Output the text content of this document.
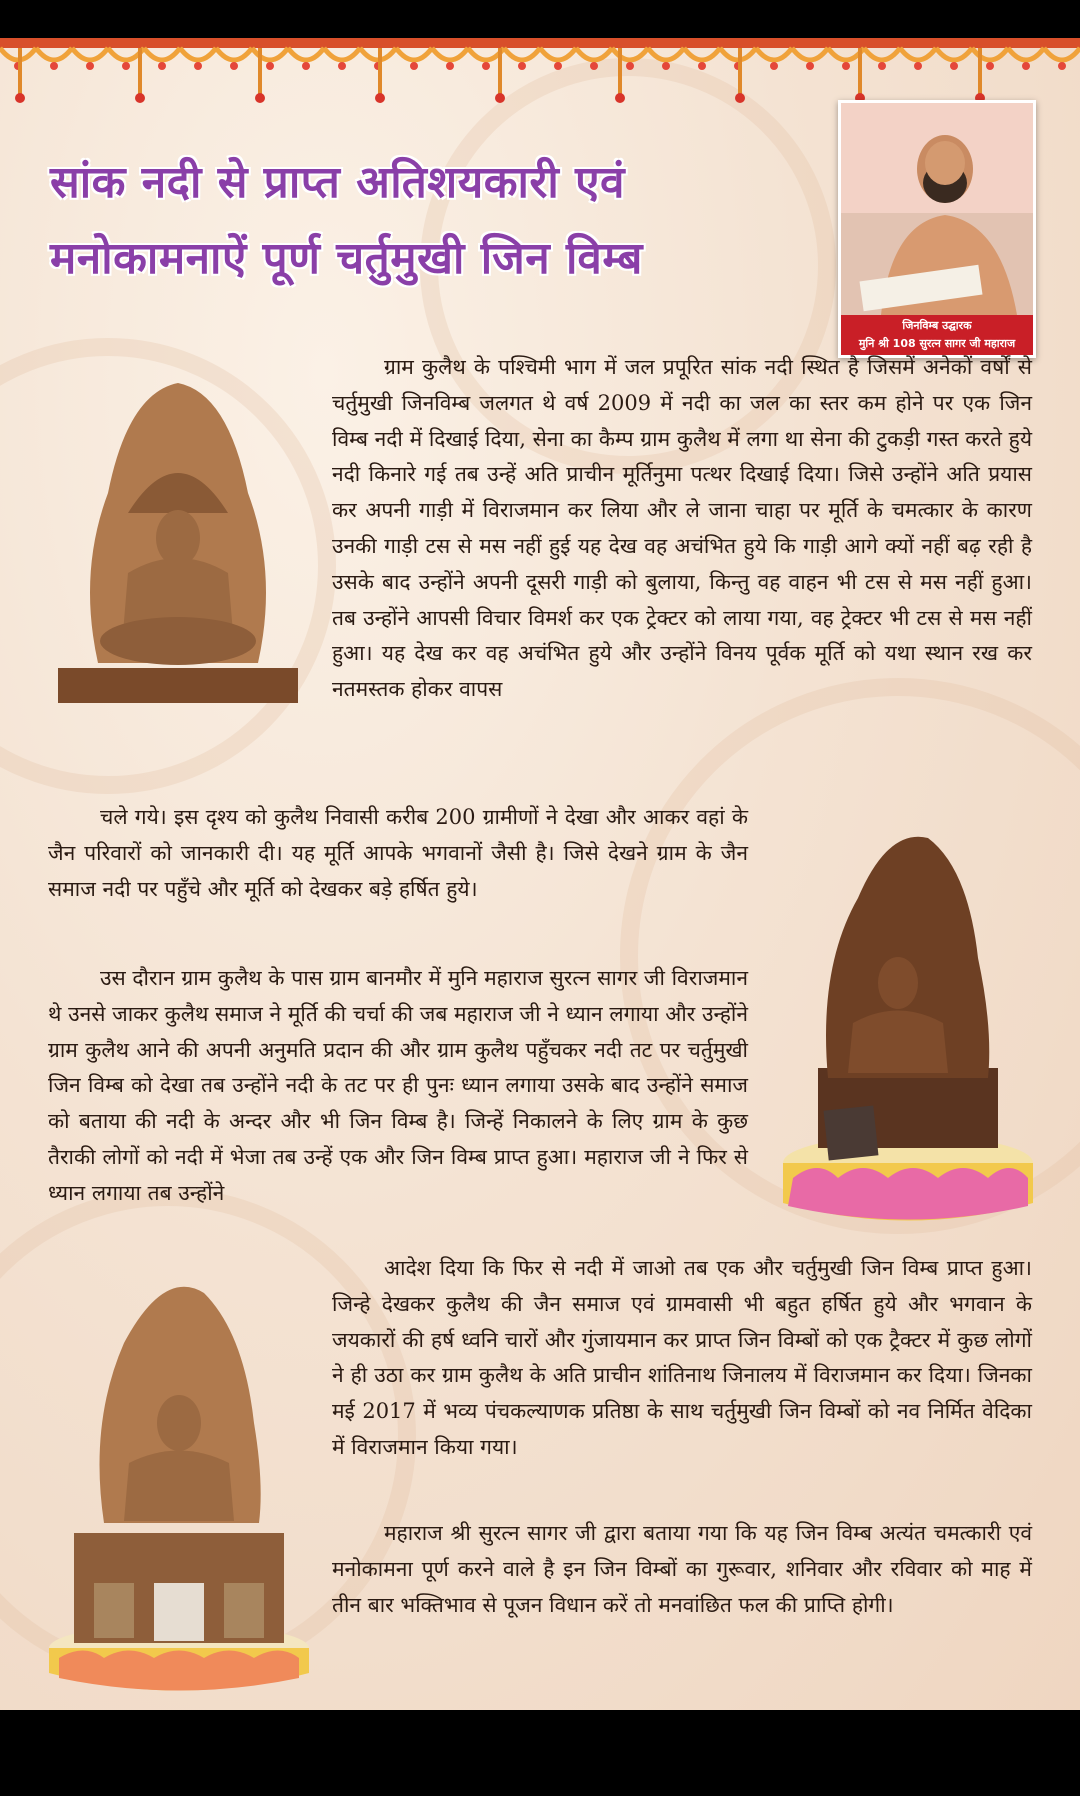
सांक नदी से प्राप्त अतिशयकारी एवं
मनोकामनाऐं पूर्ण चर्तुमुखी जिन विम्ब
जिनविम्ब उद्घारक
मुनि श्री 108 सुरत्न सागर जी महाराज

ग्राम कुलैथ के पश्चिमी भाग में जल प्रपूरित सांक नदी स्थित है जिसमें अनेकों वर्षों से चर्तुमुखी जिनविम्ब जलगत थे वर्ष 2009 में नदी का जल का स्तर कम होने पर एक जिन विम्ब नदी में दिखाई दिया, सेना का कैम्प ग्राम कुलैथ में लगा था सेना की टुकड़ी गस्त करते हुये नदी किनारे गई तब उन्हें अति प्राचीन मूर्तिनुमा पत्थर दिखाई दिया। जिसे उन्होंने अति प्रयास कर अपनी गाड़ी में विराजमान कर लिया और ले जाना चाहा पर मूर्ति के चमत्कार के कारण उनकी गाड़ी टस से मस नहीं हुई यह देख वह अचंभित हुये कि गाड़ी आगे क्यों नहीं बढ़ रही है उसके बाद उन्होंने अपनी दूसरी गाड़ी को बुलाया, किन्तु वह वाहन भी टस से मस नहीं हुआ। तब उन्होंने आपसी विचार विमर्श कर एक ट्रेक्टर को लाया गया, वह ट्रेक्टर भी टस से मस नहीं हुआ। यह देख कर वह अचंभित हुये और उन्होंने विनय पूर्वक मूर्ति को यथा स्थान रख कर नतमस्तक होकर वापस

चले गये। इस दृश्य को कुलैथ निवासी करीब 200 ग्रामीणों ने देखा और आकर वहां के जैन परिवारों को जानकारी दी। यह मूर्ति आपके भगवानों जैसी है। जिसे देखने ग्राम के जैन समाज नदी पर पहुँचे और मूर्ति को देखकर बड़े हर्षित हुये।

उस दौरान ग्राम कुलैथ के पास ग्राम बानमौर में मुनि महाराज सुरत्न सागर जी विराजमान थे उनसे जाकर कुलैथ समाज ने मूर्ति की चर्चा की जब महाराज जी ने ध्यान लगाया और उन्होंने ग्राम कुलैथ आने की अपनी अनुमति प्रदान की और ग्राम कुलैथ पहुँचकर नदी तट पर चर्तुमुखी जिन विम्ब को देखा तब उन्होंने नदी के तट पर ही पुनः ध्यान लगाया उसके बाद उन्होंने समाज को बताया की नदी के अन्दर और भी जिन विम्ब है। जिन्हें निकालने के लिए ग्राम के कुछ तैराकी लोगों को नदी में भेजा तब उन्हें एक और जिन विम्ब प्राप्त हुआ। महाराज जी ने फिर से ध्यान लगाया तब उन्होंने

आदेश दिया कि फिर से नदी में जाओ तब एक और चर्तुमुखी जिन विम्ब प्राप्त हुआ। जिन्हे देखकर कुलैथ की जैन समाज एवं ग्रामवासी भी बहुत हर्षित हुये और भगवान के जयकारों की हर्ष ध्वनि चारों और गुंजायमान कर प्राप्त जिन विम्बों को एक ट्रैक्टर में कुछ लोगों ने ही उठा कर ग्राम कुलैथ के अति प्राचीन शांतिनाथ जिनालय में विराजमान कर दिया। जिनका मई 2017 में भव्य पंचकल्याणक प्रतिष्ठा के साथ चर्तुमुखी जिन विम्बों को नव निर्मित वेदिका में विराजमान किया गया।

महाराज श्री सुरत्न सागर जी द्वारा बताया गया कि यह जिन विम्ब अत्यंत चमत्कारी एवं मनोकामना पूर्ण करने वाले है इन जिन विम्बों का गुरूवार, शनिवार और रविवार को माह में तीन बार भक्तिभाव से पूजन विधान करें तो मनवांछित फल की प्राप्ति होगी।
